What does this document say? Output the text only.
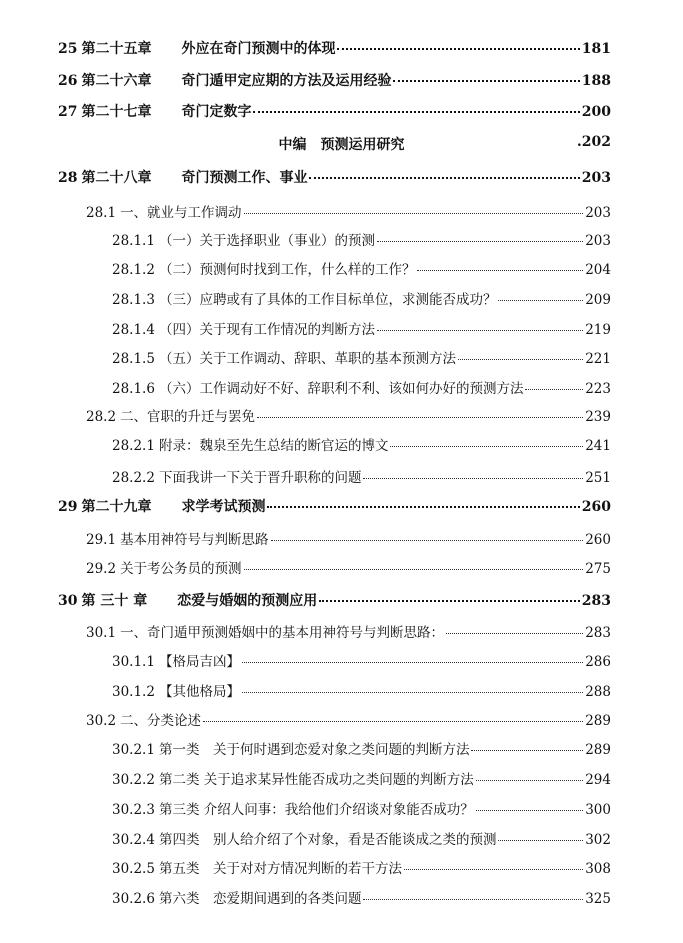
25 第二十五章 外应在奇门预测中的体现	181
26 第二十六章 奇门遁甲定应期的方法及运用经验	188
27 第二十七章 奇门定数字	200
中编　预测运用研究	.202
28 第二十八章 奇门预测工作、事业	203
28.1 一、就业与工作调动	203
28.1.1 （一）关于选择职业（事业）的预测	203
28.1.2 （二）预测何时找到工作，什么样的工作？	204
28.1.3 （三）应聘或有了具体的工作目标单位，求测能否成功？	209
28.1.4 （四）关于现有工作情况的判断方法	219
28.1.5 （五）关于工作调动、辞职、革职的基本预测方法	221
28.1.6 （六）工作调动好不好、辞职利不利、该如何办好的预测方法	223
28.2 二、官职的升迁与罢免	239
28.2.1 附录：魏泉至先生总结的断官运的博文	241
28.2.2 下面我讲一下关于晋升职称的问题	251
29 第二十九章 求学考试预测	260
29.1 基本用神符号与判断思路	260
29.2 关于考公务员的预测	275
30 第 三十 章 恋爱与婚姻的预测应用	283
30.1 一、奇门遁甲预测婚姻中的基本用神符号与判断思路：	283
30.1.1 【格局吉凶】	286
30.1.2 【其他格局】	288
30.2 二、分类论述	289
30.2.1 第一类　关于何时遇到恋爱对象之类问题的判断方法	289
30.2.2 第二类 关于追求某异性能否成功之类问题的判断方法	294
30.2.3 第三类 介绍人问事：我给他们介绍谈对象能否成功？	300
30.2.4 第四类　别人给介绍了个对象，看是否能谈成之类的预测	302
30.2.5 第五类　关于对对方情况判断的若干方法	308
30.2.6 第六类　恋爱期间遇到的各类问题	325
